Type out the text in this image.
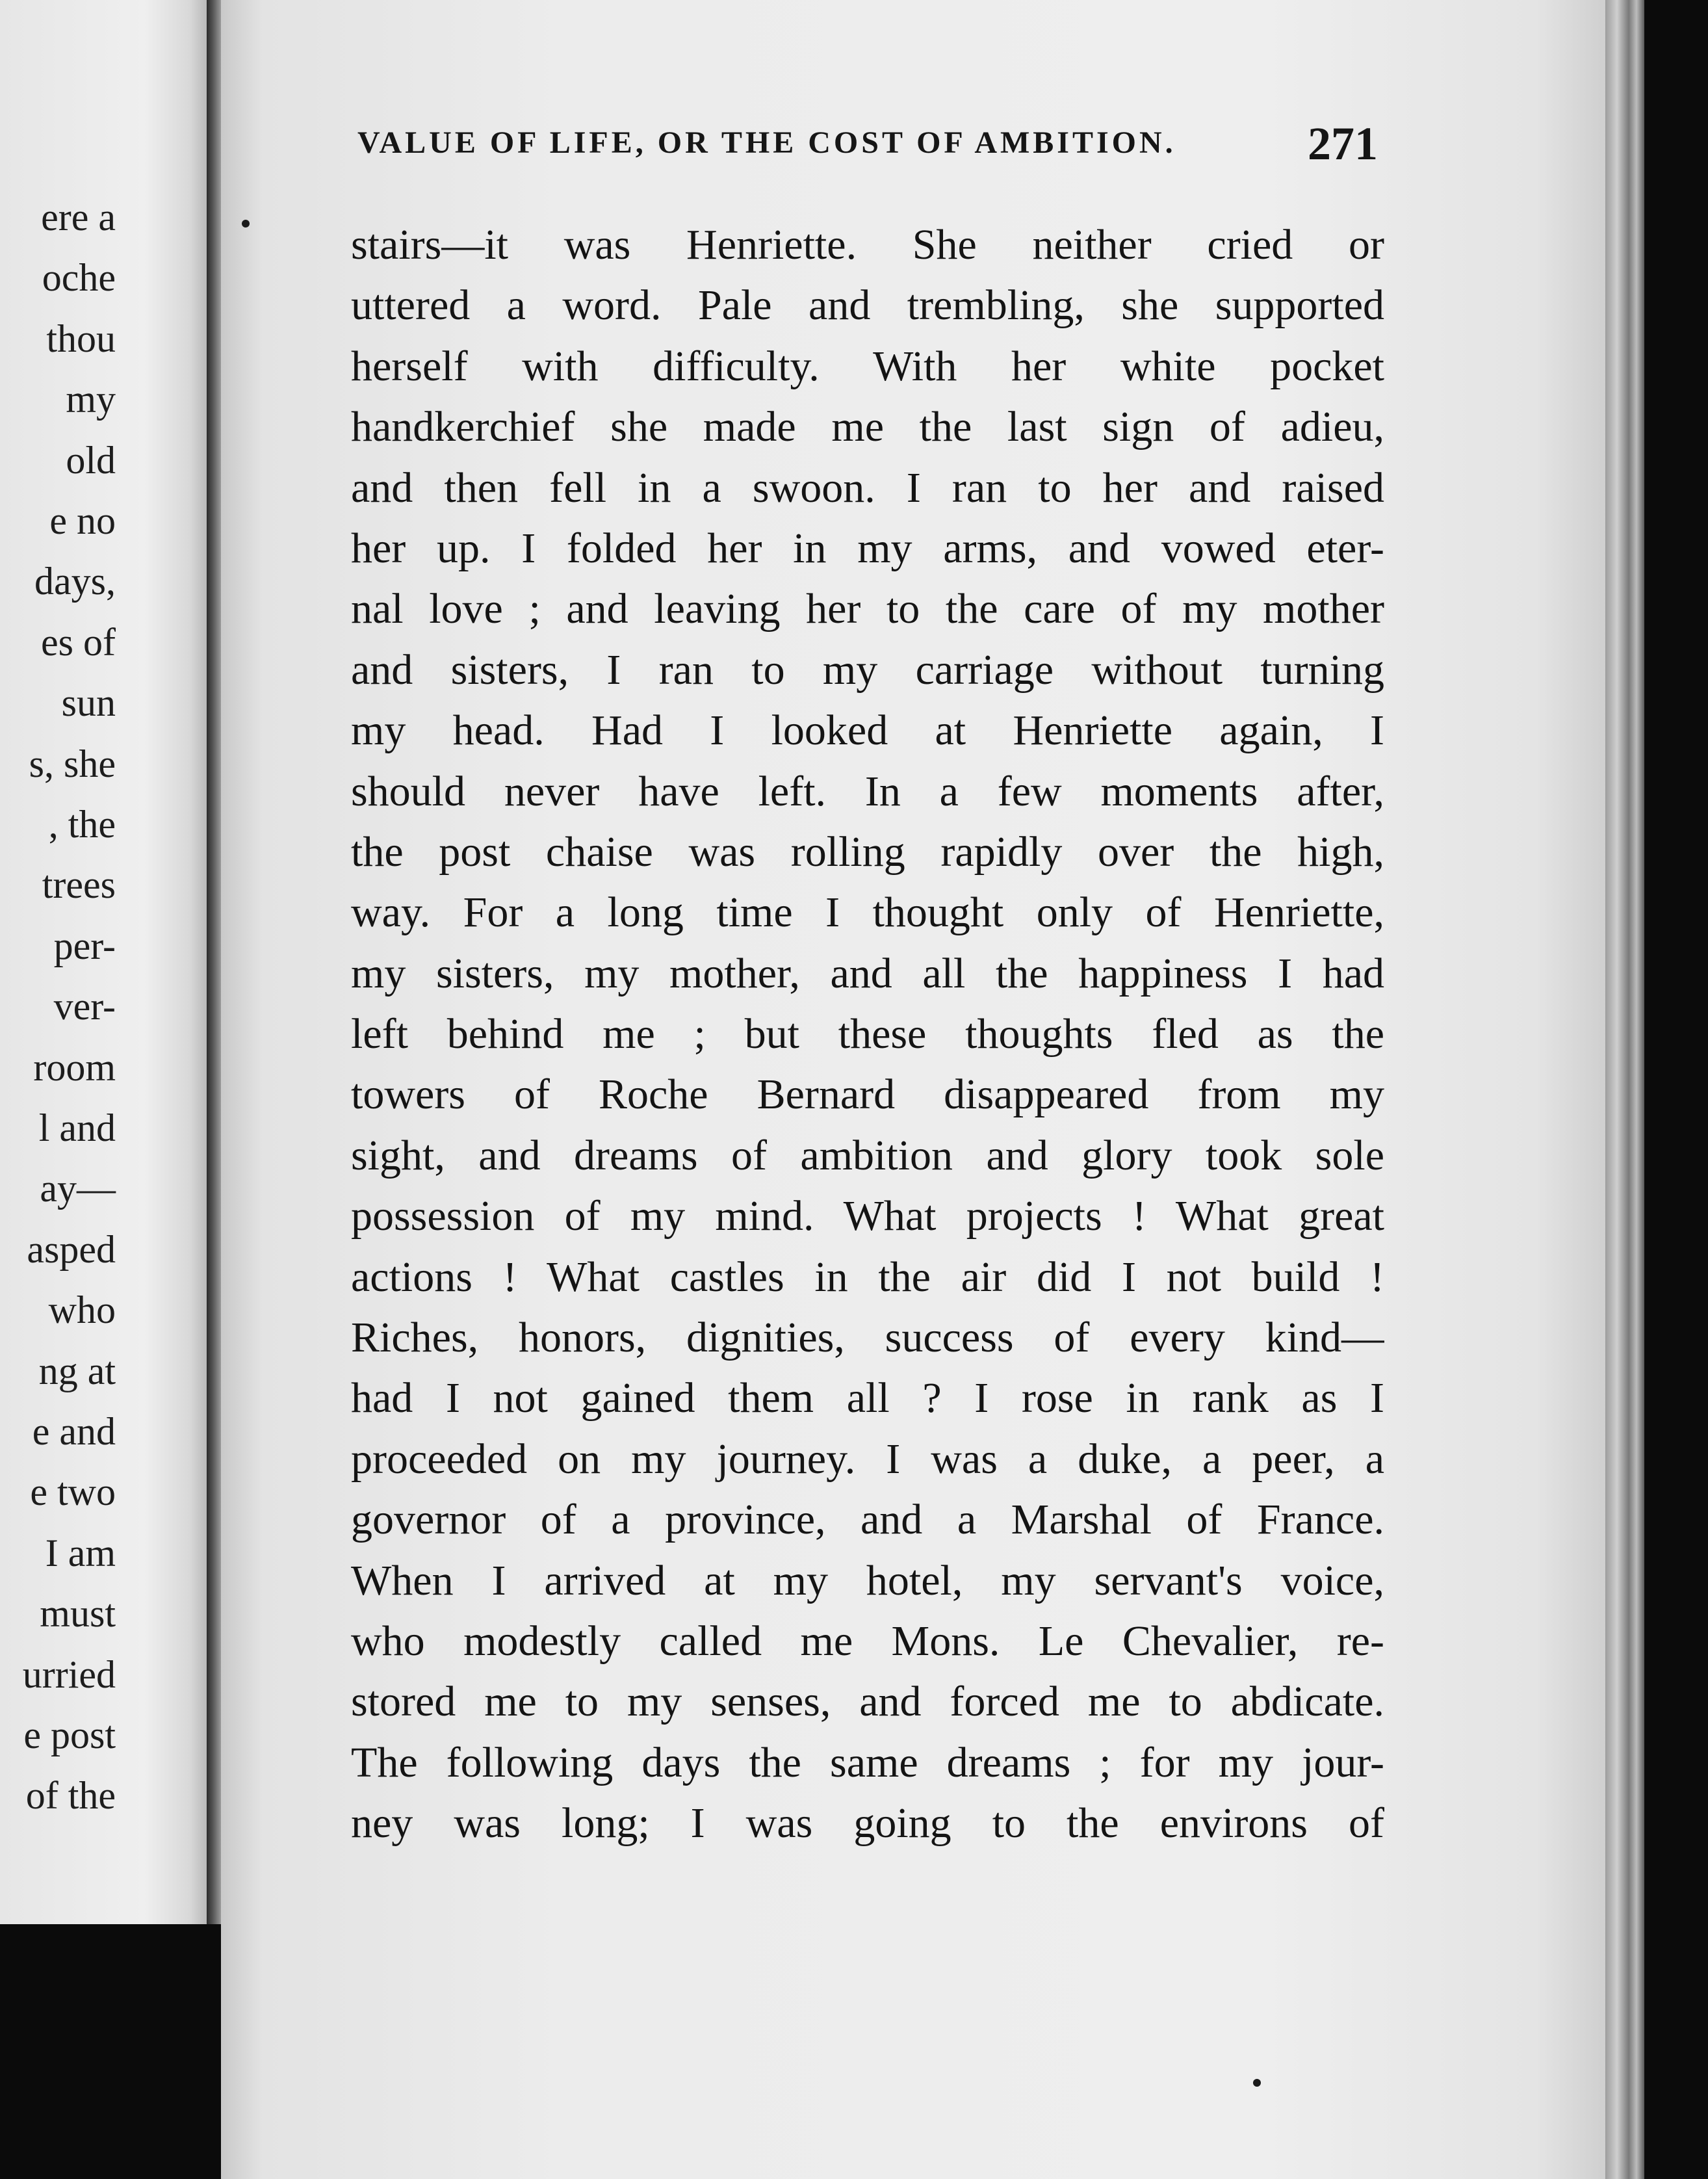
ere a
oche
thou
my
old
e no
days,
es of
sun
s, she
, the
trees
per-
ver-
room
l and
ay—
asped
who
ng at
e and
e two
I am
must
urried
e post
of the
VALUE OF LIFE, OR THE COST OF AMBITION.	271
stairs—it was Henriette. She neither cried or
uttered a word. Pale and trembling, she supported
herself with difficulty. With her white pocket
handkerchief she made me the last sign of adieu,
and then fell in a swoon. I ran to her and raised
her up. I folded her in my arms, and vowed eter-
nal love ; and leaving her to the care of my mother
and sisters, I ran to my carriage without turning
my head. Had I looked at Henriette again, I
should never have left. In a few moments after,
the post chaise was rolling rapidly over the high,
way. For a long time I thought only of Henriette,
my sisters, my mother, and all the happiness I had
left behind me ; but these thoughts fled as the
towers of Roche Bernard disappeared from my
sight, and dreams of ambition and glory took sole
possession of my mind. What projects ! What great
actions ! What castles in the air did I not build !
Riches, honors, dignities, success of every kind—
had I not gained them all ? I rose in rank as I
proceeded on my journey. I was a duke, a peer, a
governor of a province, and a Marshal of France.
When I arrived at my hotel, my servant's voice,
who modestly called me Mons. Le Chevalier, re-
stored me to my senses, and forced me to abdicate.
The following days the same dreams ; for my jour-
ney was long; I was going to the environs of
